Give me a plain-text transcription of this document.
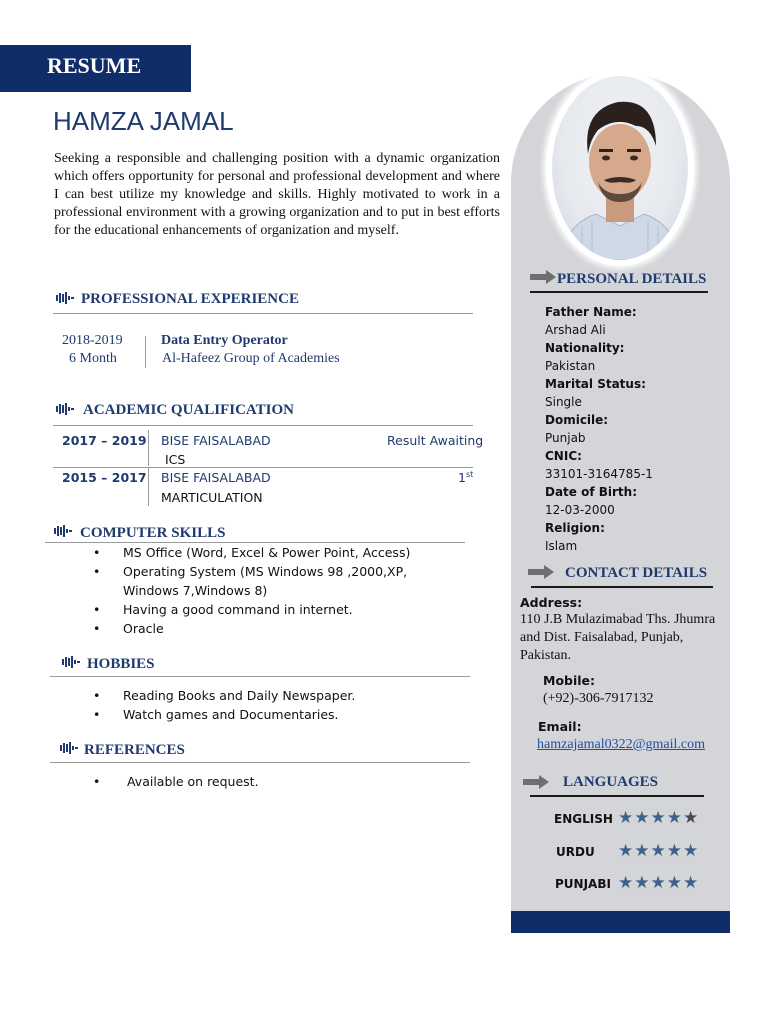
RESUME
HAMZA JAMAL
Seeking a responsible and challenging position with a dynamic organization which offers opportunity for personal and professional development and where I can best utilize my knowledge and skills. Highly motivated to work in a professional environment with a growing organization and to put in best efforts for the educational enhancements of organization and myself.
PROFESSIONAL EXPERIENCE
2018-2019
6 Month
Data Entry Operator
Al-Hafeez Group of Academies
ACADEMIC QUALIFICATION
2017 – 2019 BISE FAISALABAD	Result Awaiting
ICS
2015 – 2017 BISE FAISALABAD	1st
MARTICULATION
COMPUTER SKILLS
• MS Office (Word, Excel & Power Point, Access)
• Operating System (MS Windows 98 ,2000,XP, Windows 7,Windows 8)
• Having a good command in internet.
• Oracle
HOBBIES
• Reading Books and Daily Newspaper.
• Watch games and Documentaries.
REFERENCES
•  Available on request.
PERSONAL DETAILS
Father Name:
Arshad Ali
Nationality:
Pakistan
Marital Status:
Single
Domicile:
Punjab
CNIC:
33101-3164785-1
Date of Birth:
12-03-2000
Religion:
Islam
CONTACT DETAILS
Address:
110 J.B Mulazimabad Ths. Jhumra and Dist. Faisalabad, Punjab, Pakistan.
Mobile:
(+92)-306-7917132
Email:
hamzajamal0322@gmail.com
LANGUAGES
ENGLISH ★★★★★
URDU ★★★★★
PUNJABI ★★★★★
